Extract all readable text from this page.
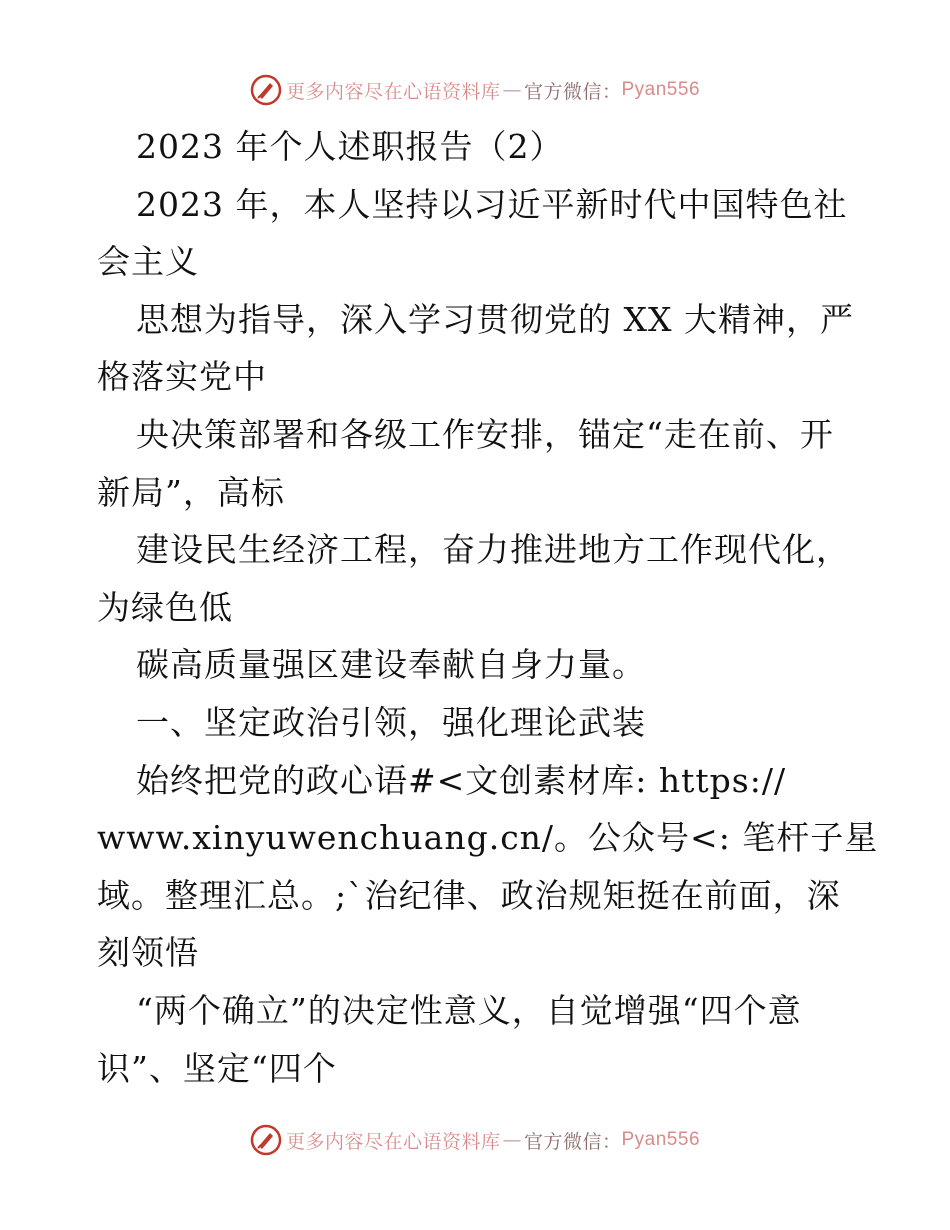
更多内容尽在心语资料库 — 官方微信： Pyan556
2023 年个人述职报告（2）
2023 年，本人坚持以习近平新时代中国特色社
会主义
思想为指导，深入学习贯彻党的 XX 大精神，严
格落实党中
央决策部署和各级工作安排，锚定“走在前、开
新局”，高标
建设民生经济工程，奋力推进地方工作现代化，
为绿色低
碳高质量强区建设奉献自身力量。
一、坚定政治引领，强化理论武装
始终把党的政心语#<文创素材库: https://
www.xinyuwenchuang.cn/。公众号<: 笔杆子星
域。整理汇总。;`治纪律、政治规矩挺在前面，深
刻领悟
“两个确立”的决定性意义，自觉增强“四个意
识”、坚定“四个
更多内容尽在心语资料库 — 官方微信： Pyan556
